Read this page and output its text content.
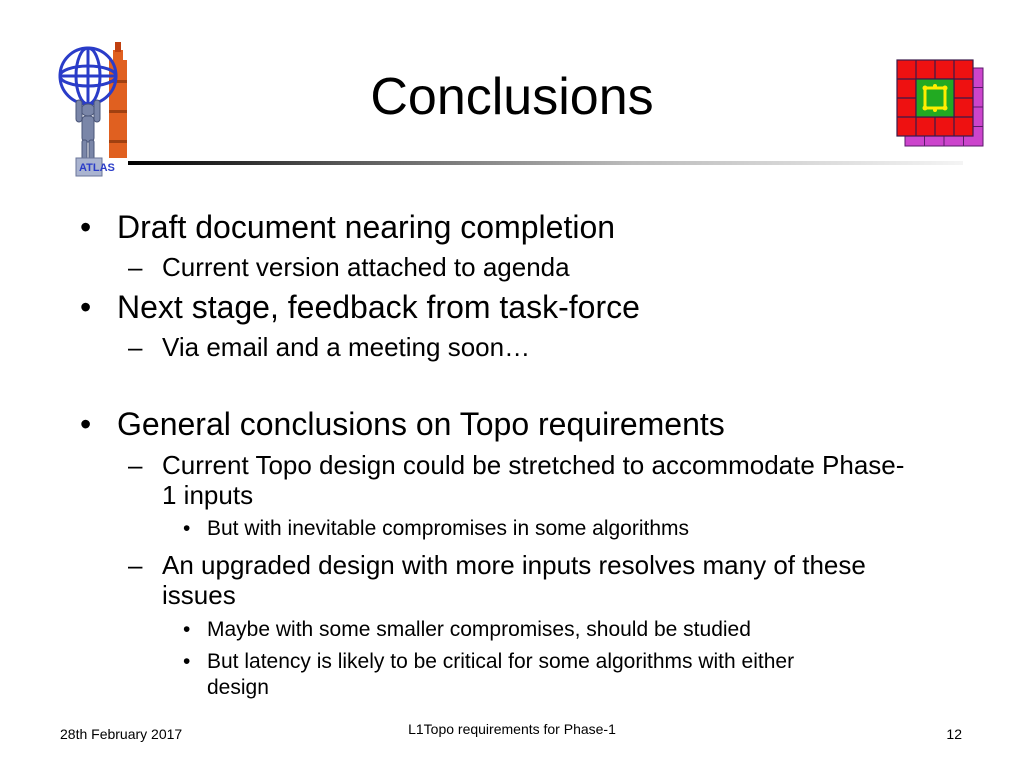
ATLAS
Conclusions
• Draft document nearing completion
– Current version attached to agenda
• Next stage, feedback from task-force
– Via email and a meeting soon…
• General conclusions on Topo requirements
– Current Topo design could be stretched to accommodate Phase-
1 inputs
• But with inevitable compromises in some algorithms
– An upgraded design with more inputs resolves many of these
issues
• Maybe with some smaller compromises, should be studied
• But latency is likely to be critical for some algorithms with either
design
28th February 2017	L1Topo requirements for Phase-1	12
